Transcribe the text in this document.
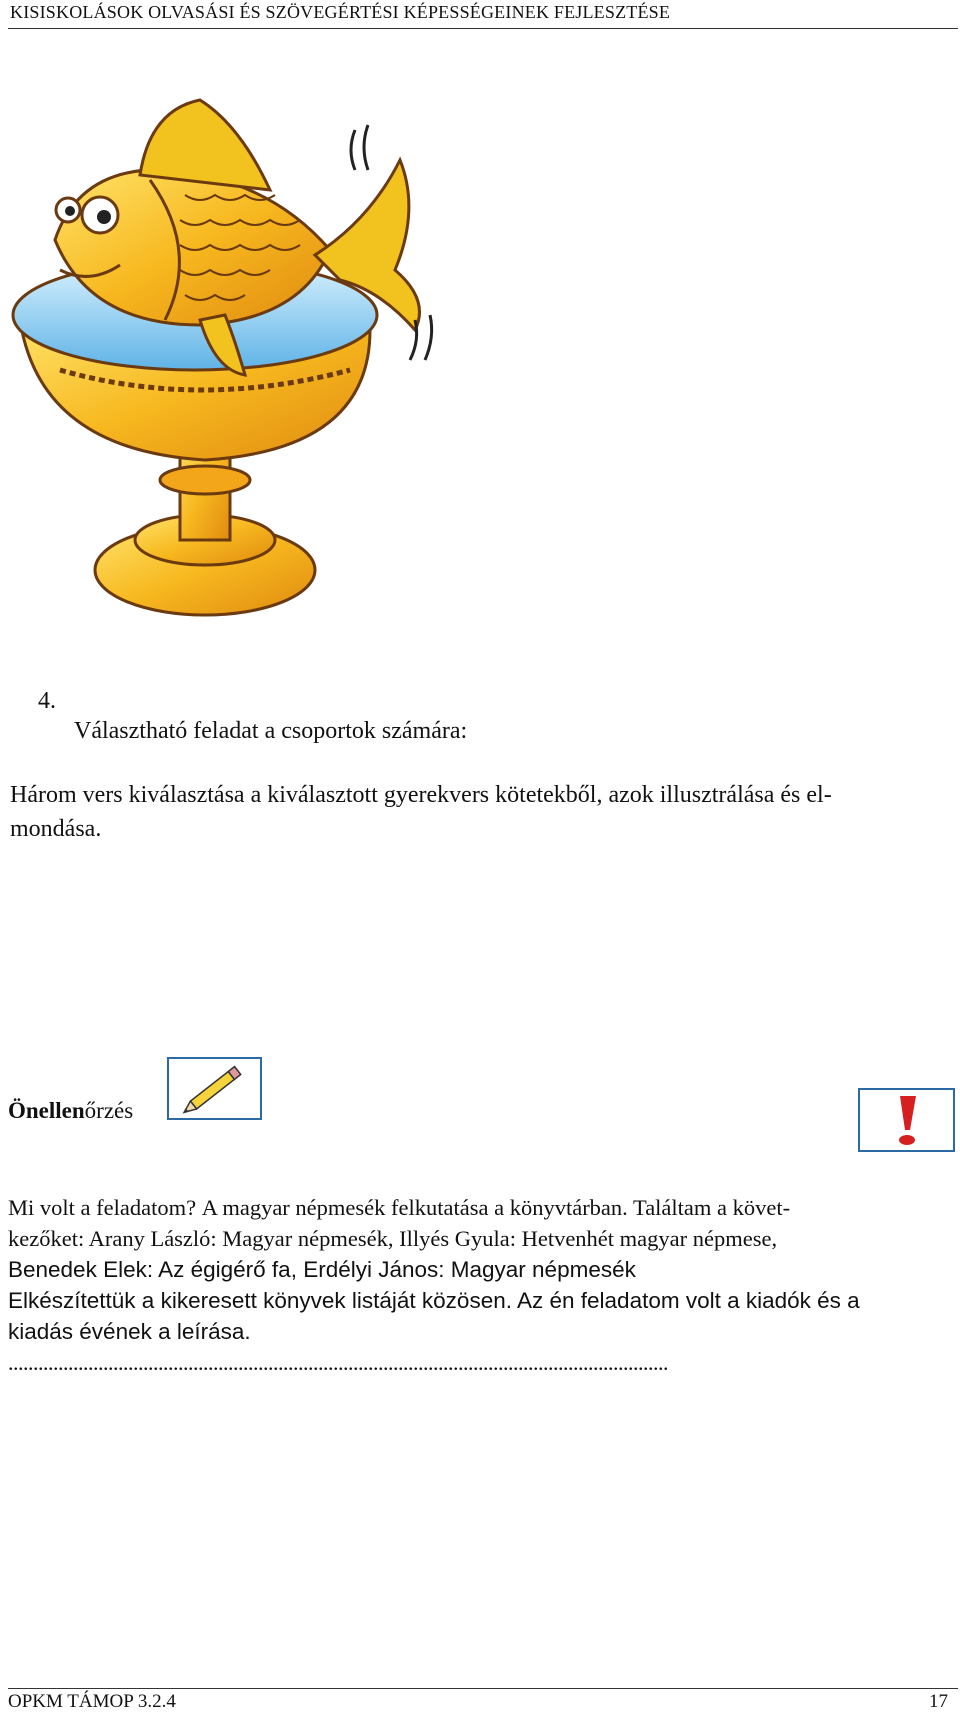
KISISKOLÁSOK OLVASÁSI ÉS SZÖVEGÉRTÉSI KÉPESSÉGEINEK FEJLESZTÉSE
4.
Választható feladat a csoportok számára:
Három vers kiválasztása a kiválasztott gyerekvers kötetekből, azok illusztrálása és el-
mondása.
Önellenőrzés

Mi volt a feladatom? A magyar népmesék felkutatása a könyvtárban. Találtam a követ-

kezőket: Arany László: Magyar népmesék, Illyés Gyula: Hetvenhét magyar népmese,

Benedek Elek: Az égigérő fa, Erdélyi János: Magyar népmesék

Elkészítettük a kikeresett könyvek listáját közösen. Az én feladatom volt a kiadók és a

kiadás évének a leírása.

....................................................................................................................................
OPKM TÁMOP 3.2.4	17
